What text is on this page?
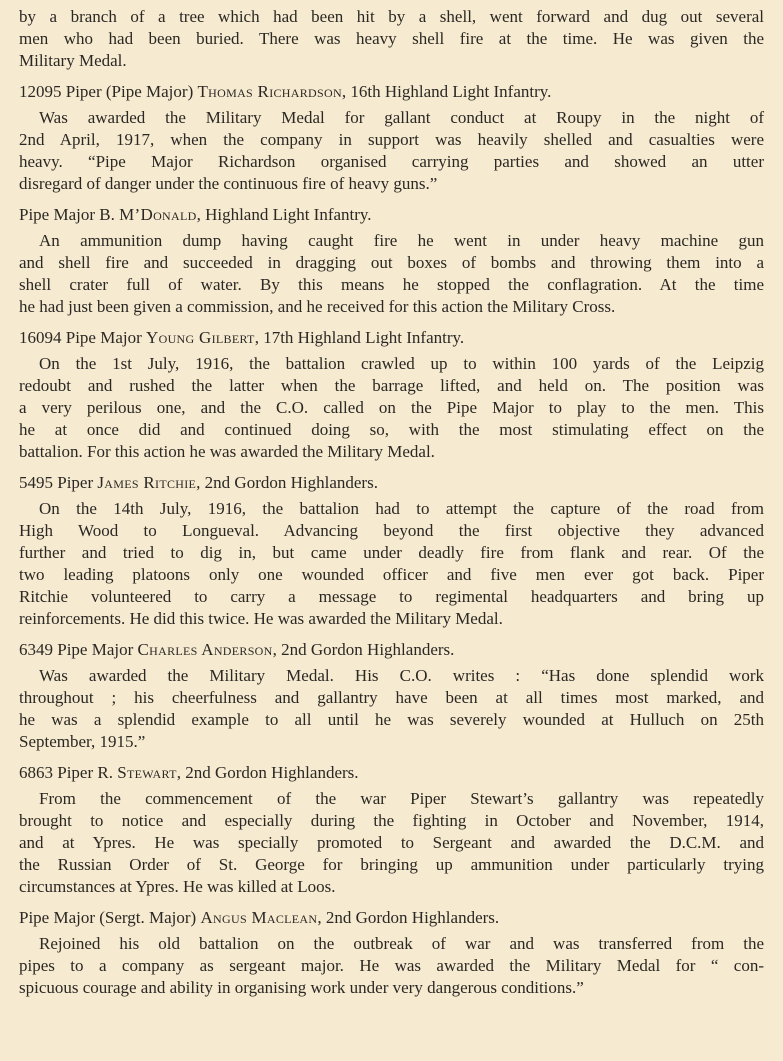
by a branch of a tree which had been hit by a shell, went forward and dug out several
men who had been buried. There was heavy shell fire at the time. He was given the
Military Medal.
12095 Piper (Pipe Major) Thomas Richardson, 16th Highland Light Infantry.
Was awarded the Military Medal for gallant conduct at Roupy in the night of
2nd April, 1917, when the company in support was heavily shelled and casualties were
heavy. “Pipe Major Richardson organised carrying parties and showed an utter
disregard of danger under the continuous fire of heavy guns.”
Pipe Major B. M’Donald, Highland Light Infantry.
An ammunition dump having caught fire he went in under heavy machine gun
and shell fire and succeeded in dragging out boxes of bombs and throwing them into a
shell crater full of water. By this means he stopped the conflagration. At the time
he had just been given a commission, and he received for this action the Military Cross.
16094 Pipe Major Young Gilbert, 17th Highland Light Infantry.
On the 1st July, 1916, the battalion crawled up to within 100 yards of the Leipzig
redoubt and rushed the latter when the barrage lifted, and held on. The position was
a very perilous one, and the C.O. called on the Pipe Major to play to the men. This
he at once did and continued doing so, with the most stimulating effect on the
battalion. For this action he was awarded the Military Medal.
5495 Piper James Ritchie, 2nd Gordon Highlanders.
On the 14th July, 1916, the battalion had to attempt the capture of the road from
High Wood to Longueval. Advancing beyond the first objective they advanced
further and tried to dig in, but came under deadly fire from flank and rear. Of the
two leading platoons only one wounded officer and five men ever got back. Piper
Ritchie volunteered to carry a message to regimental headquarters and bring up
reinforcements. He did this twice. He was awarded the Military Medal.
6349 Pipe Major Charles Anderson, 2nd Gordon Highlanders.
Was awarded the Military Medal. His C.O. writes : “Has done splendid work
throughout ; his cheerfulness and gallantry have been at all times most marked, and
he was a splendid example to all until he was severely wounded at Hulluch on 25th
September, 1915.”
6863 Piper R. Stewart, 2nd Gordon Highlanders.
From the commencement of the war Piper Stewart’s gallantry was repeatedly
brought to notice and especially during the fighting in October and November, 1914,
and at Ypres. He was specially promoted to Sergeant and awarded the D.C.M. and
the Russian Order of St. George for bringing up ammunition under particularly trying
circumstances at Ypres. He was killed at Loos.
Pipe Major (Sergt. Major) Angus Maclean, 2nd Gordon Highlanders.
Rejoined his old battalion on the outbreak of war and was transferred from the
pipes to a company as sergeant major. He was awarded the Military Medal for “ con-
spicuous courage and ability in organising work under very dangerous conditions.”
